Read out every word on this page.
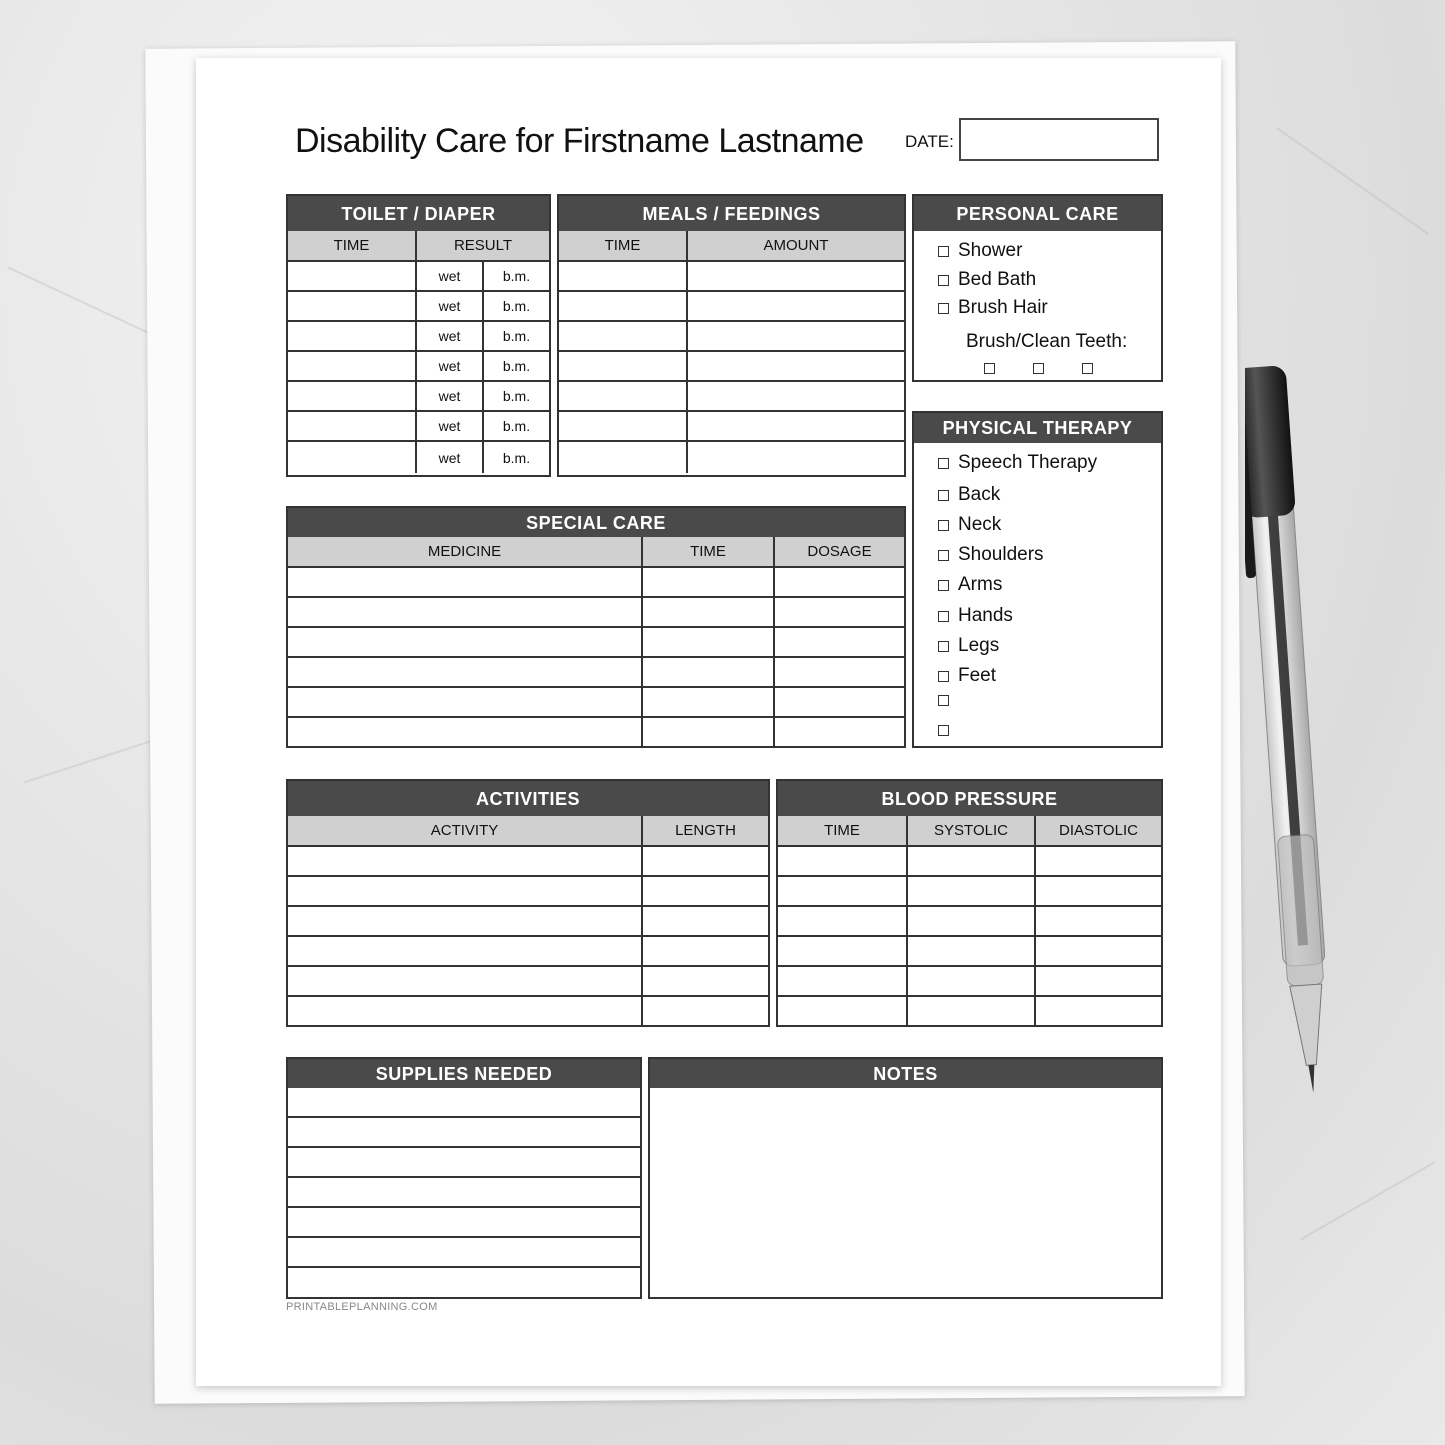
Disability Care for Firstname Lastname DATE:
TOILET / DIAPER
TIME	RESULT	
	wet	b.m.
	wet	b.m.
	wet	b.m.
	wet	b.m.
	wet	b.m.
	wet	b.m.
	wet	b.m.
MEALS / FEEDINGS
TIME	AMOUNT

PERSONAL CARE
Shower
Bed Bath
Brush Hair
Brush/Clean Teeth:
PHYSICAL THERAPY
Speech Therapy
Back
Neck
Shoulders
Arms
Hands
Legs
Feet
SPECIAL CARE
MEDICINE	TIME	DOSAGE

ACTIVITIES
ACTIVITY	LENGTH

BLOOD PRESSURE
TIME	SYSTOLIC	DIASTOLIC

SUPPLIES NEEDED	NOTES
PRINTABLEPLANNING.COM
